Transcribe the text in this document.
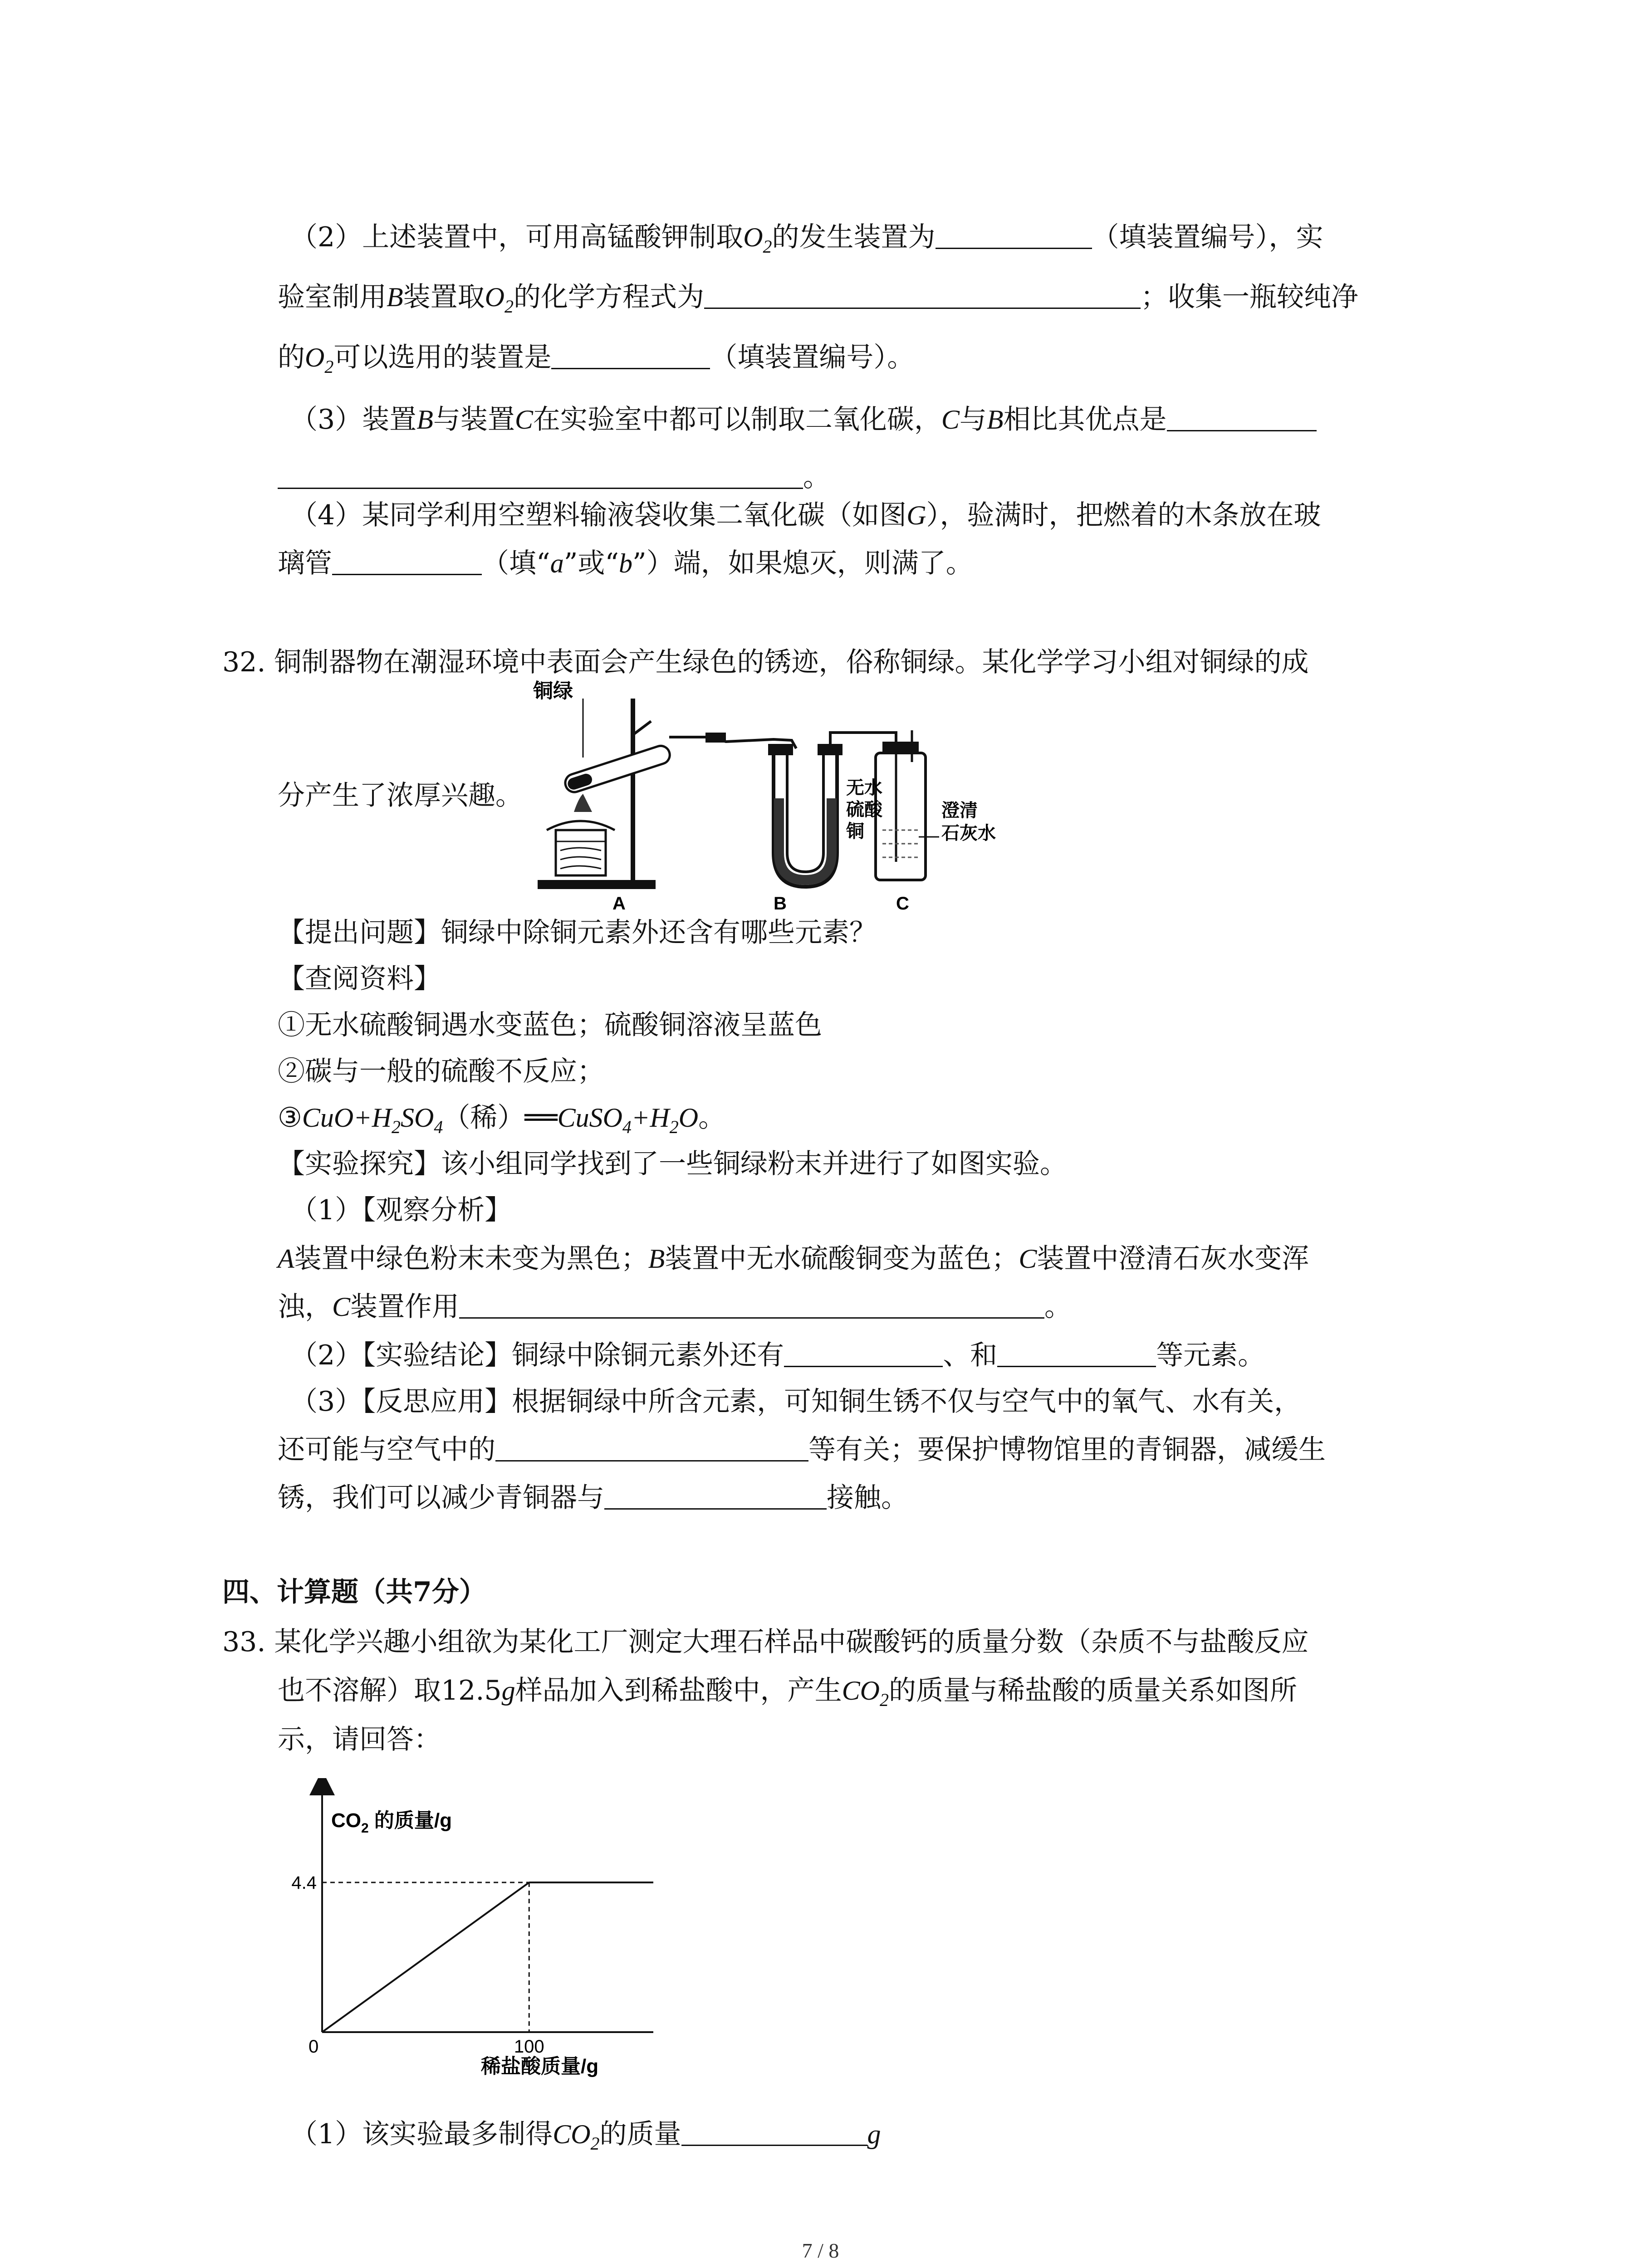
（2）上述装置中，可用高锰酸钾制取$O_2$的发生装置为	（填装置编号），实
验室制用B装置取$O_2$的化学方程式为	；收集一瓶较纯净
的$O_2$可以选用的装置是	（填装置编号）。
（3）装置B与装置C在实验室中都可以制取二氧化碳，C与B相比其优点是
。
（4）某同学利用空塑料输液袋收集二氧化碳（如图G），验满时，把燃着的木条放在玻
璃管	（填“a”或“b”）端，如果熄灭，则满了。
32. 铜制器物在潮湿环境中表面会产生绿色的锈迹，俗称铜绿。某化学学习小组对铜绿的成
分产生了浓厚兴趣。
铜绿
无水
硫酸
铜
澄清
石灰水
A	B	C
【提出问题】铜绿中除铜元素外还含有哪些元素？
【查阅资料】
①无水硫酸铜遇水变蓝色；硫酸铜溶液呈蓝色
②碳与一般的硫酸不反应；
$③CuO+H_2SO_4$（稀）$══CuSO_4+H_2O$。
【实验探究】该小组同学找到了一些铜绿粉末并进行了如图实验。
（1）【观察分析】
A装置中绿色粉末未变为黑色；B装置中无水硫酸铜变为蓝色；C装置中澄清石灰水变浑
浊，C装置作用	。
（2）【实验结论】铜绿中除铜元素外还有	、和	等元素。
（3）【反思应用】根据铜绿中所含元素，可知铜生锈不仅与空气中的氧气、水有关，
还可能与空气中的	等有关；要保护博物馆里的青铜器，减缓生
锈，我们可以减少青铜器与	接触。
四、计算题（共7分）
33. 某化学兴趣小组欲为某化工厂测定大理石样品中碳酸钙的质量分数（杂质不与盐酸反应
也不溶解）取12.5g样品加入到稀盐酸中，产生$CO_2$的质量与稀盐酸的质量关系如图所
示，请回答：
$CO_2$ 的质量/g
0	100
4.4
稀盐酸质量/g
（1）该实验最多制得$CO_2$的质量	g
7 / 8
